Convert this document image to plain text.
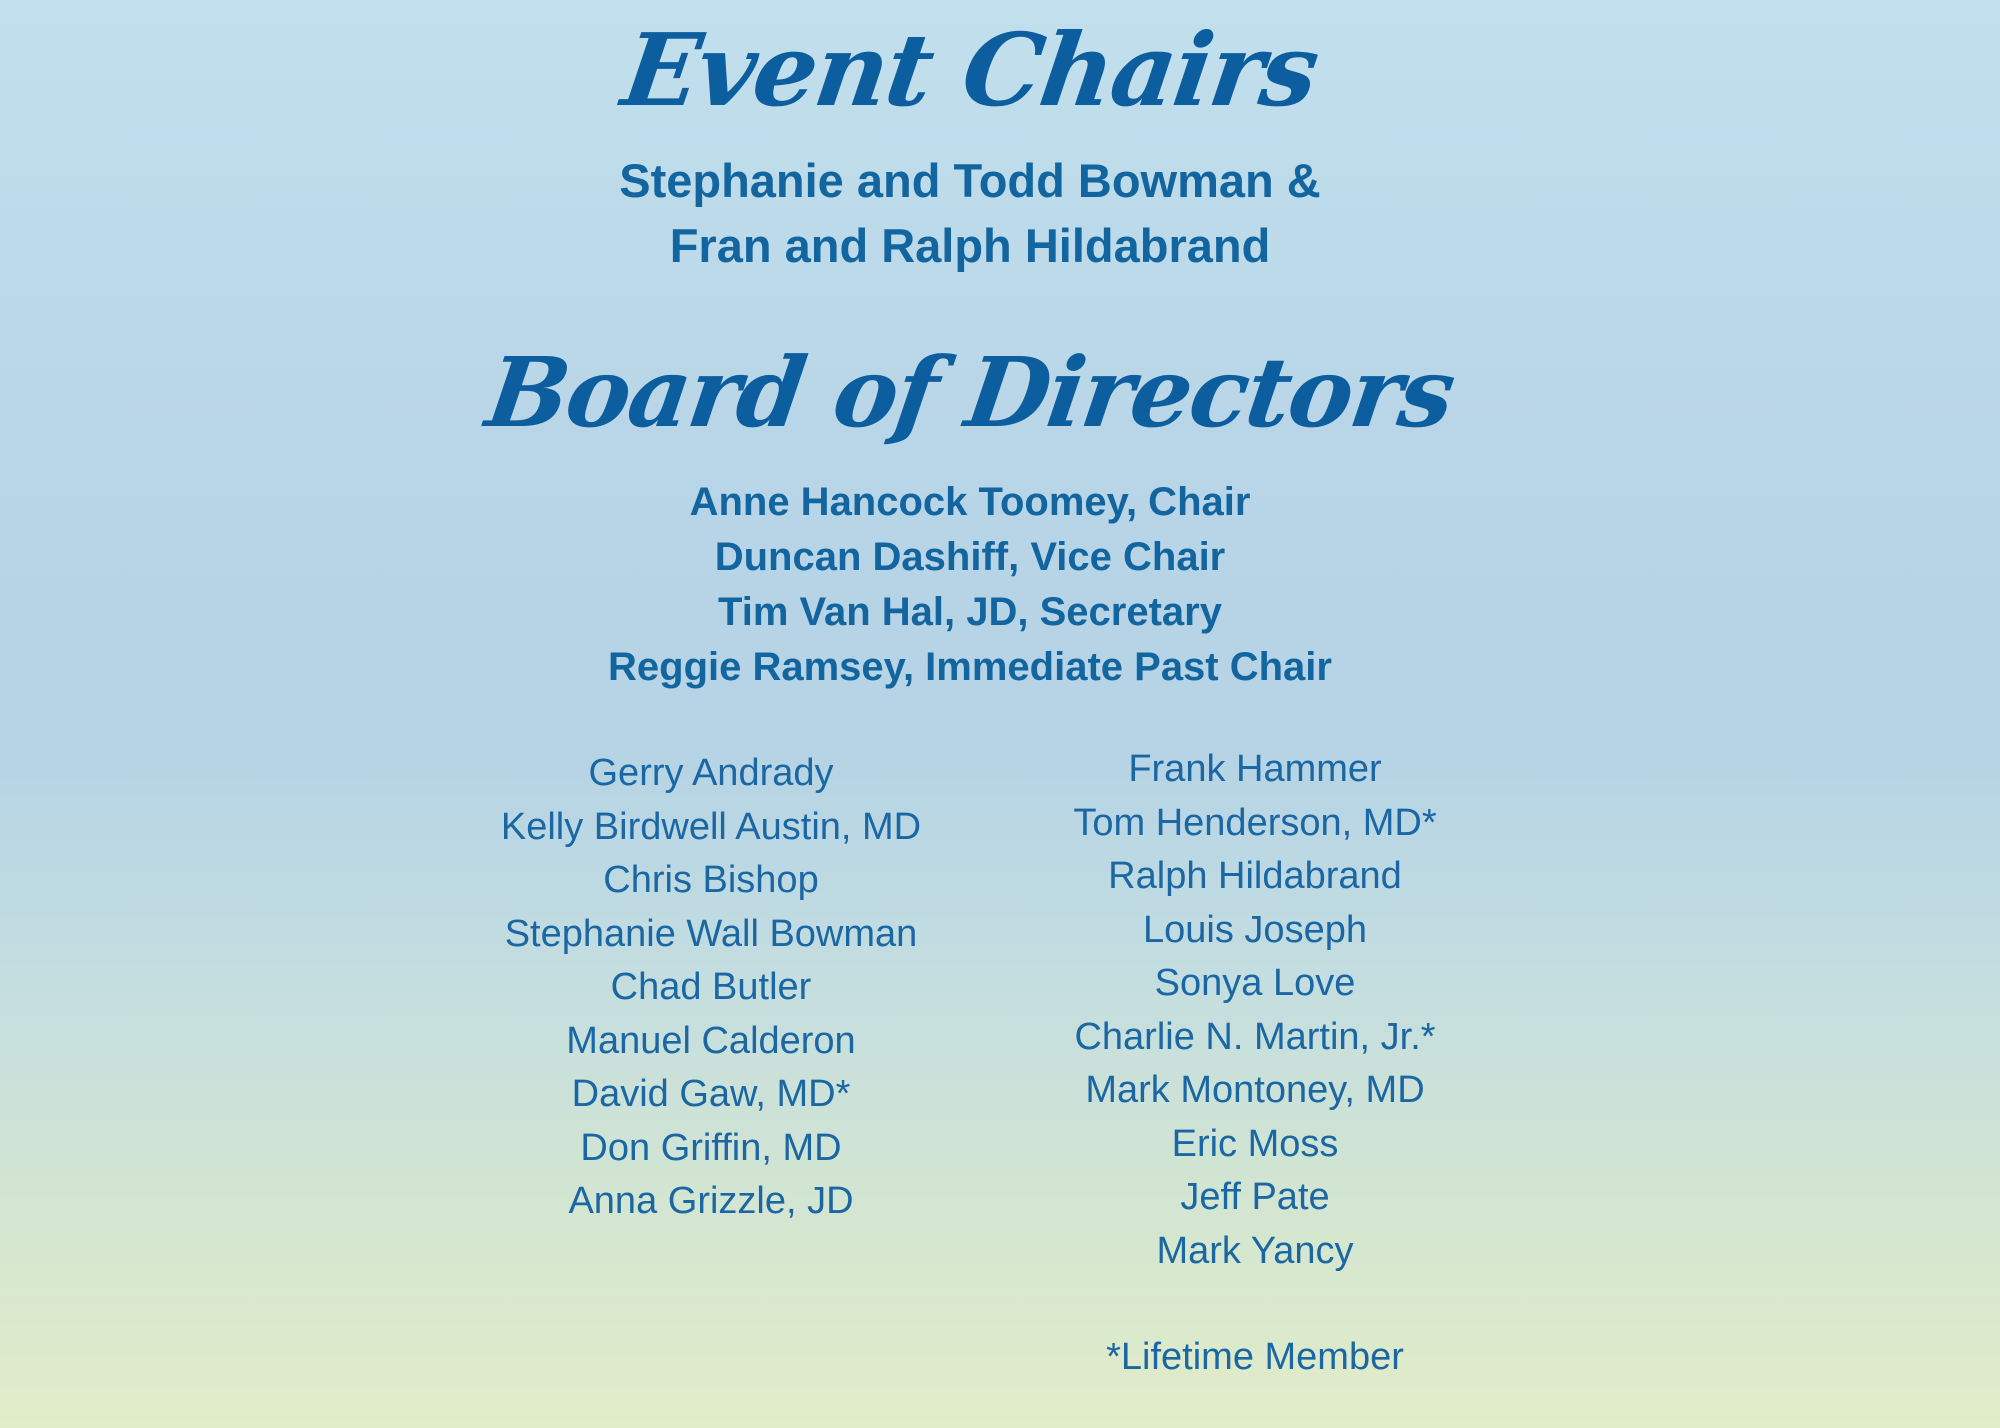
Event Chairs
Stephanie and Todd Bowman &
Fran and Ralph Hildabrand
Board of Directors
Anne Hancock Toomey, Chair
Duncan Dashiff, Vice Chair
Tim Van Hal, JD, Secretary
Reggie Ramsey, Immediate Past Chair
Gerry Andrady
Kelly Birdwell Austin, MD
Chris Bishop
Stephanie Wall Bowman
Chad Butler
Manuel Calderon
David Gaw, MD*
Don Griffin, MD
Anna Grizzle, JD
Frank Hammer
Tom Henderson, MD*
Ralph Hildabrand
Louis Joseph
Sonya Love
Charlie N. Martin, Jr.*
Mark Montoney, MD
Eric Moss
Jeff Pate
Mark Yancy
*Lifetime Member
